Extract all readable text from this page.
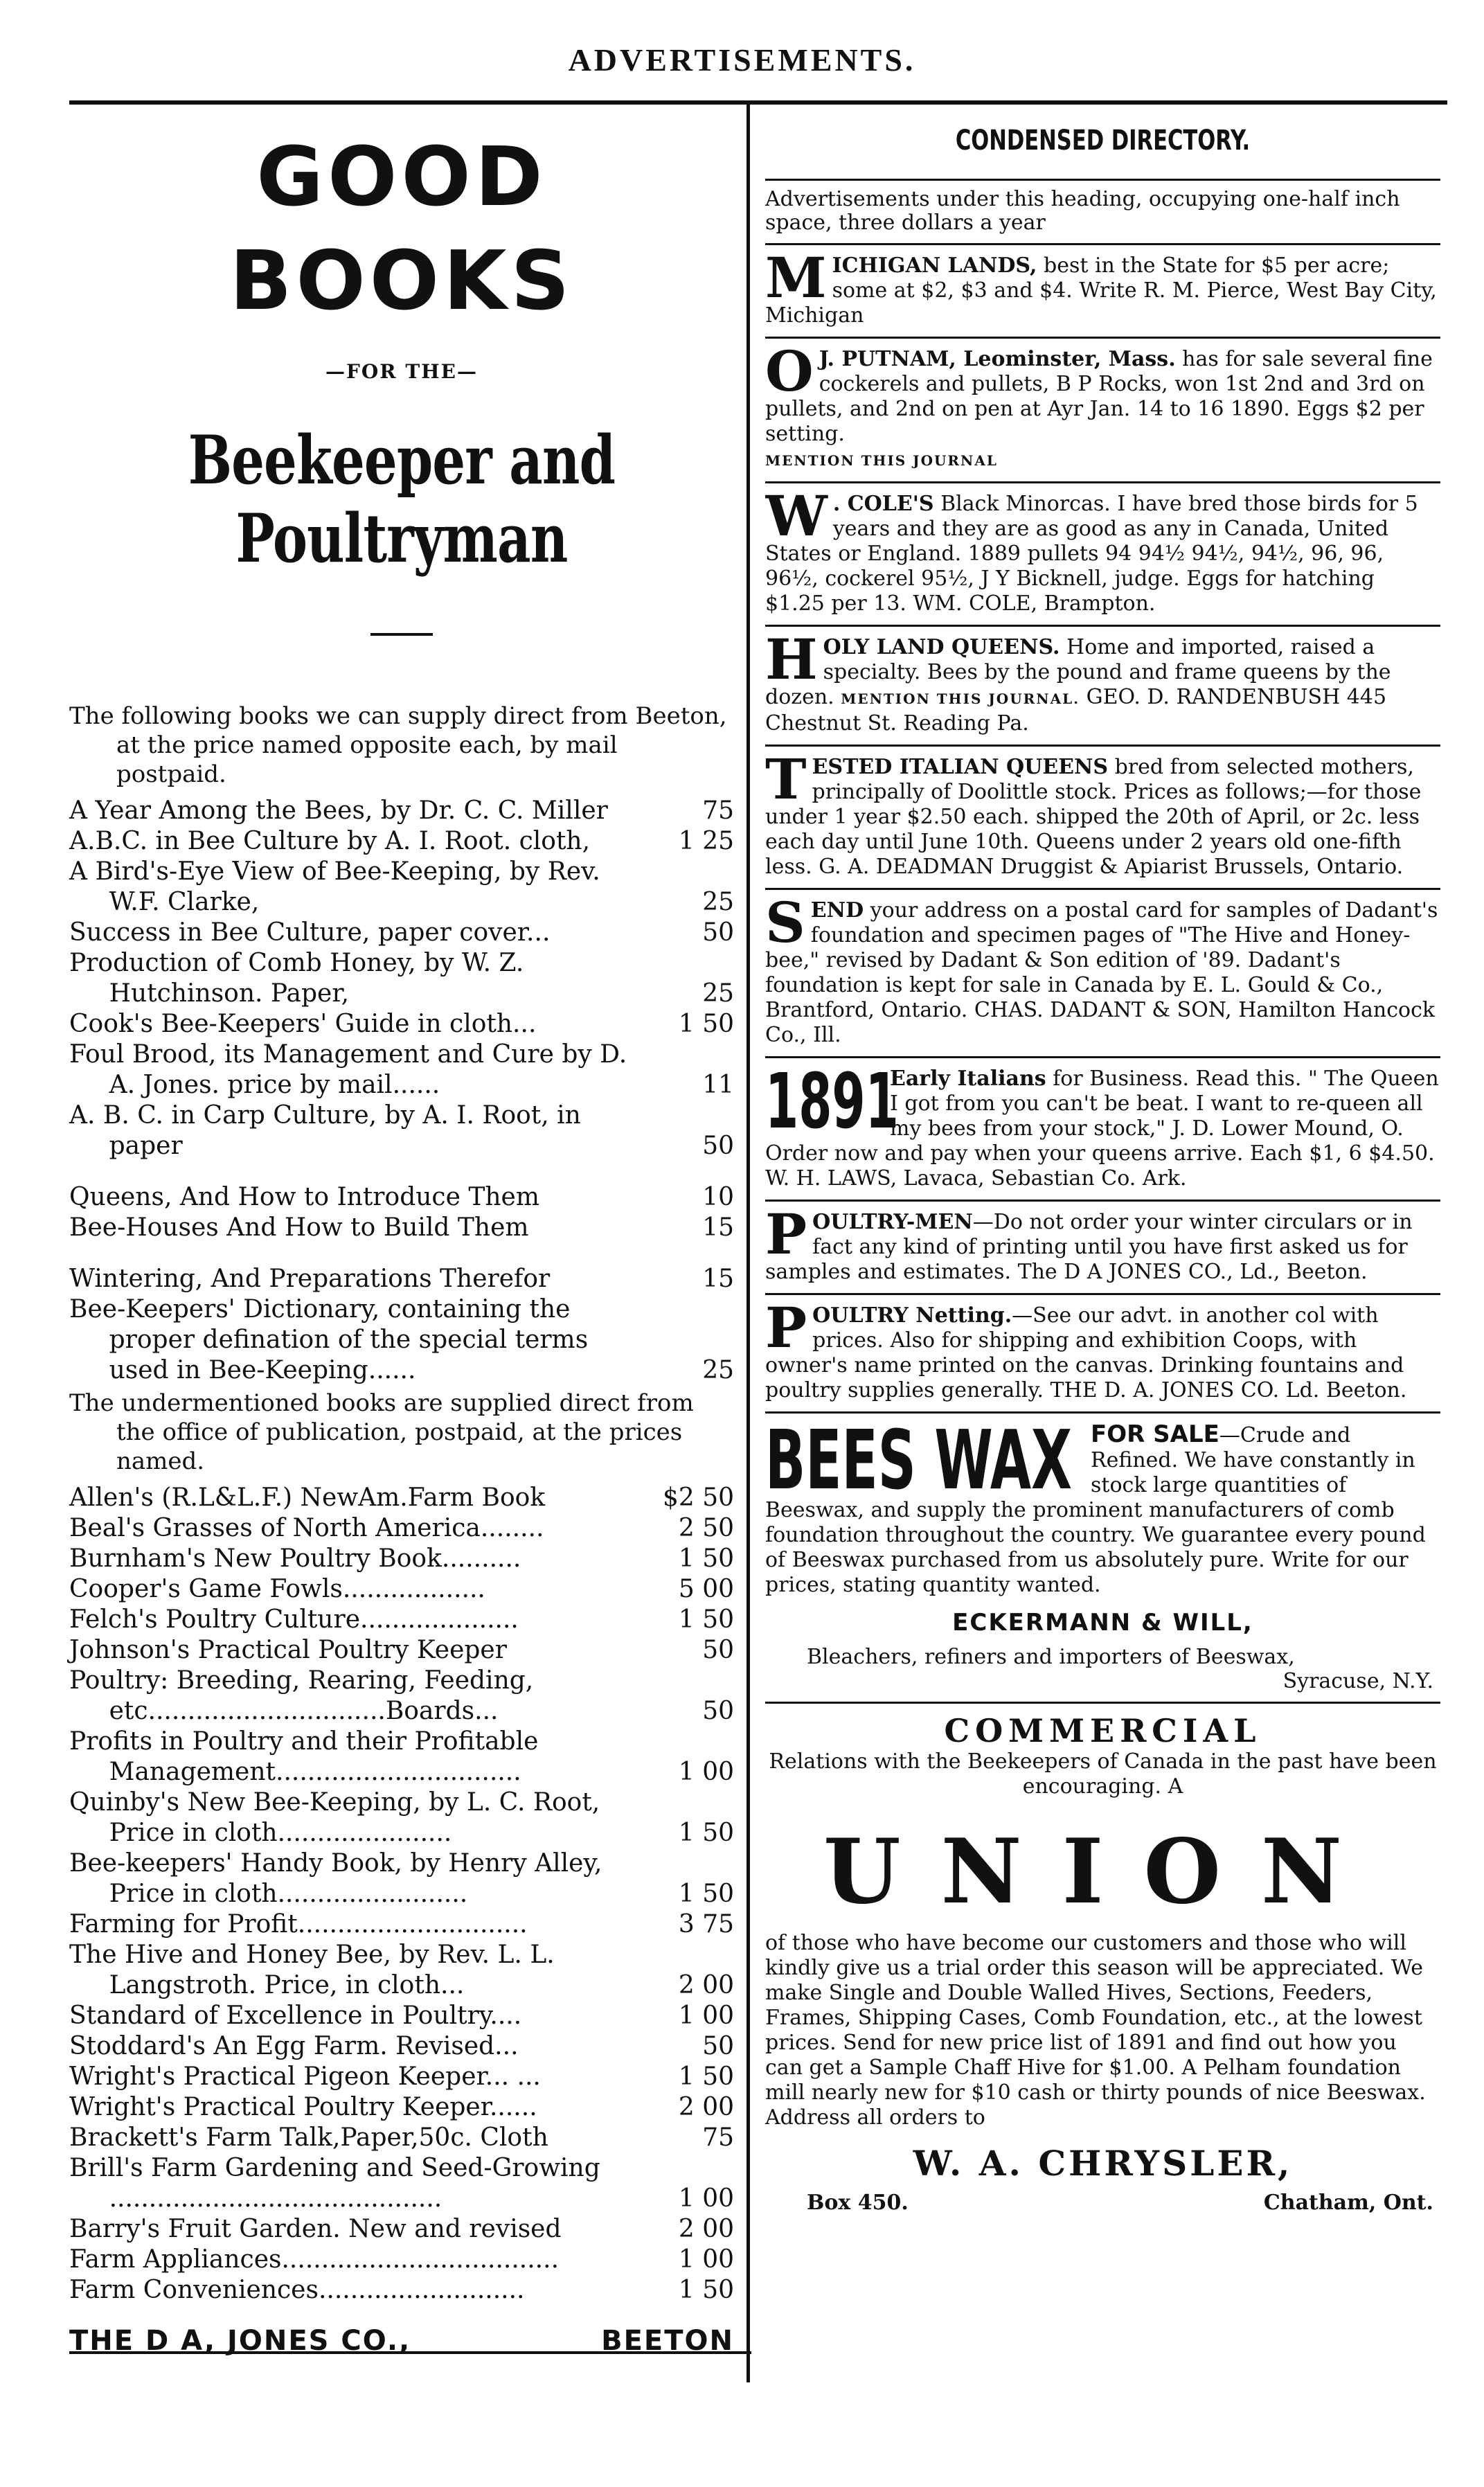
ADVERTISEMENTS.
GOOD BOOKS
—FOR THE—
Beekeeper and Poultryman
The following books we can supply direct from Beeton, at the price named opposite each, by mail postpaid.
A Year Among the Bees, by Dr. C. C. Miller	75
A.B.C. in Bee Culture by A. I. Root. cloth,	1 25
A Bird's-Eye View of Bee-Keeping, by Rev. W.F. Clarke,	25
Success in Bee Culture, paper cover...	50
Production of Comb Honey, by W. Z. Hutchinson. Paper,	25
Cook's Bee-Keepers' Guide in cloth...	1 50
Foul Brood, its Management and Cure by D. A. Jones. price by mail......	11
A. B. C. in Carp Culture, by A. I. Root, in paper	50
Queens, And How to Introduce Them	10
Bee-Houses And How to Build Them	15
Wintering, And Preparations Therefor	15
Bee-Keepers' Dictionary, containing the proper defination of the special terms used in Bee-Keeping......	25
The undermentioned books are supplied direct from the office of publication, postpaid, at the prices named.
Allen's (R.L&L.F.) NewAm.Farm Book	$2 50
Beal's Grasses of North America........	2 50
Burnham's New Poultry Book..........	1 50
Cooper's Game Fowls..................	5 00
Felch's Poultry Culture....................	1 50
Johnson's Practical Poultry Keeper	50
Poultry: Breeding, Rearing, Feeding, etc..............................Boards...	50
Profits in Poultry and their Profitable Management...............................	1 00
Quinby's New Bee-Keeping, by L. C. Root, Price in cloth......................	1 50
Bee-keepers' Handy Book, by Henry Alley, Price in cloth........................	1 50
Farming for Profit.............................	3 75
The Hive and Honey Bee, by Rev. L. L. Langstroth. Price, in cloth...	2 00
Standard of Excellence in Poultry....	1 00
Stoddard's An Egg Farm. Revised...	50
Wright's Practical Pigeon Keeper... ...	1 50
Wright's Practical Poultry Keeper......	2 00
Brackett's Farm Talk,Paper,50c. Cloth	75
Brill's Farm Gardening and Seed-Growing ..........................................	1 00
Barry's Fruit Garden. New and revised	2 00
Farm Appliances...................................	1 00
Farm Conveniences..........................	1 50
THE D A, JONES CO.,	BEETON
CONDENSED DIRECTORY.
Advertisements under this heading, occupying one-half inch space, three dollars a year
MICHIGAN LANDS, best in the State for $5 per acre; some at $2, $3 and $4. Write R. M. Pierce, West Bay City, Michigan
O J. PUTNAM, Leominster, Mass. has for sale several fine cockerels and pullets, B P Rocks, won 1st 2nd and 3rd on pullets, and 2nd on pen at Ayr Jan. 14 to 16 1890. Eggs $2 per setting.
MENTION THIS JOURNAL
W . COLE'S Black Minorcas. I have bred those birds for 5 years and they are as good as any in Canada, United States or England. 1889 pullets 94 94½ 94½, 94½, 96, 96, 96½, cockerel 95½, J Y Bicknell, judge. Eggs for hatching $1.25 per 13. WM. COLE, Brampton.
HOLY LAND QUEENS. Home and imported, raised a specialty. Bees by the pound and frame queens by the dozen. MENTION THIS JOURNAL. GEO. D. RANDENBUSH 445 Chestnut St. Reading Pa.
TESTED ITALIAN QUEENS bred from selected mothers, principally of Doolittle stock. Prices as follows;—for those under 1 year $2.50 each. shipped the 20th of April, or 2c. less each day until June 10th. Queens under 2 years old one-fifth less. G. A. DEADMAN Druggist & Apiarist Brussels, Ontario.
SEND your address on a postal card for samples of Dadant's foundation and specimen pages of "The Hive and Honey-bee," revised by Dadant & Son edition of '89. Dadant's foundation is kept for sale in Canada by E. L. Gould & Co., Brantford, Ontario. CHAS. DADANT & SON, Hamilton Hancock Co., Ill.
1891
Early Italians for Business. Read this. " The Queen I got from you can't be beat. I want to re-queen all my bees from your stock," J. D. Lower Mound, O. Order now and pay when your queens arrive. Each $1, 6 $4.50. W. H. LAWS, Lavaca, Sebastian Co. Ark.
POULTRY-MEN—Do not order your winter circulars or in fact any kind of printing until you have first asked us for samples and estimates. The D A JONES CO., Ld., Beeton.
POULTRY Netting.—See our advt. in another col with prices. Also for shipping and exhibition Coops, with owner's name printed on the canvas. Drinking fountains and poultry supplies generally. THE D. A. JONES CO. Ld. Beeton.
BEES WAX FOR SALE—Crude and Refined. We have constantly in stock large quantities of Beeswax, and supply the prominent manufacturers of comb foundation throughout the country. We guarantee every pound of Beeswax purchased from us absolutely pure. Write for our prices, stating quantity wanted.
ECKERMANN & WILL,
Bleachers, refiners and importers of Beeswax,
Syracuse, N.Y.
COMMERCIAL
Relations with the Beekeepers of Canada in the past have been encouraging. A
UNION
of those who have become our customers and those who will kindly give us a trial order this season will be appreciated. We make Single and Double Walled Hives, Sections, Feeders, Frames, Shipping Cases, Comb Foundation, etc., at the lowest prices. Send for new price list of 1891 and find out how you can get a Sample Chaff Hive for $1.00. A Pelham foundation mill nearly new for $10 cash or thirty pounds of nice Beeswax. Address all orders to
W. A. CHRYSLER,
Box 450.	Chatham, Ont.
